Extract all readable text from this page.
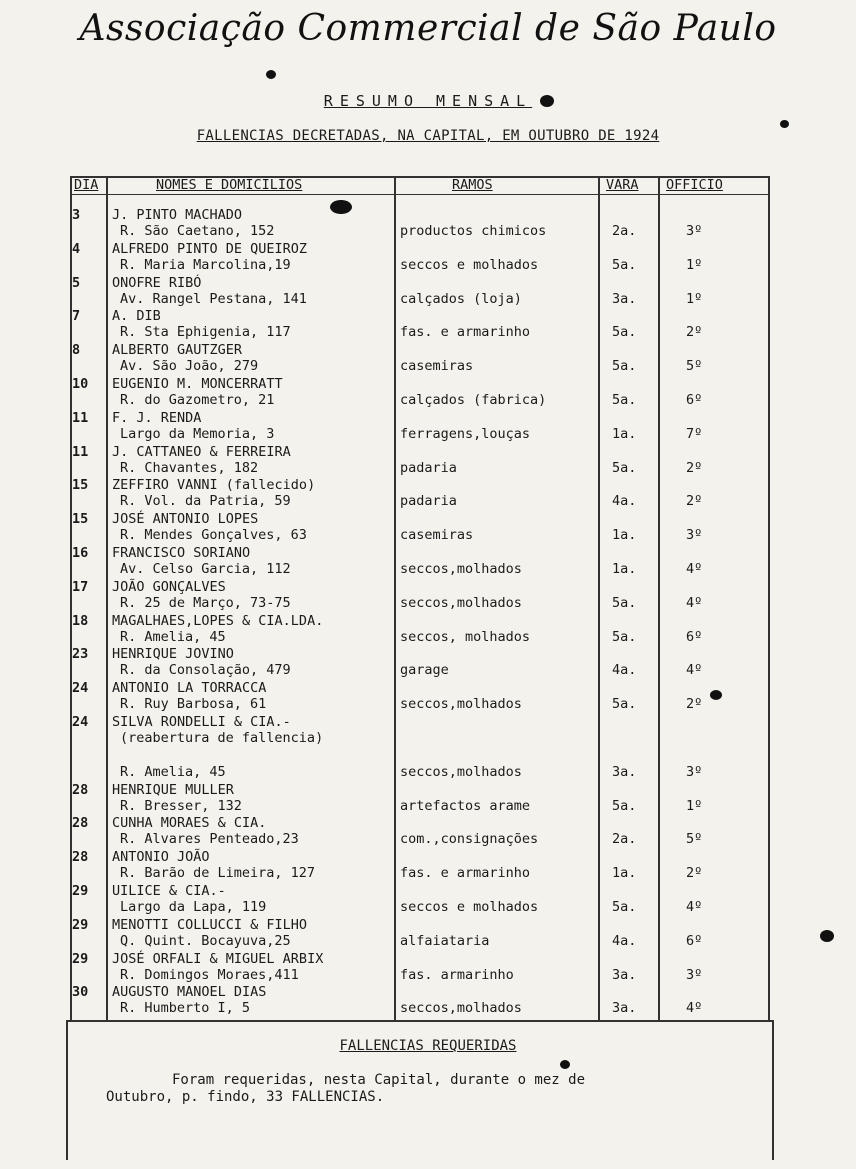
Associação Commercial de São Paulo
RESUMO MENSAL
FALLENCIAS DECRETADAS, NA CAPITAL, EM OUTUBRO DE 1924
DIA	NOMES E DOMICILIOS	RAMOS	VARA OFFICIO
3	J. PINTO MACHADO
R. São Caetano, 152	productos chimicos	2a.	3º
4	ALFREDO PINTO DE QUEIROZ
R. Maria Marcolina,19	seccos e molhados	5a.	1º
5	ONOFRE RIBÓ
Av. Rangel Pestana, 141	calçados (loja)	3a.	1º
7	A. DIB
R. Sta Ephigenia, 117	fas. e armarinho	5a.	2º
8	ALBERTO GAUTZGER
Av. São João, 279	casemiras	5a.	5º
10	EUGENIO M. MONCERRATT
R. do Gazometro, 21	calçados (fabrica)	5a.	6º
11	F. J. RENDA
Largo da Memoria, 3	ferragens,louças	1a.	7º
11	J. CATTANEO & FERREIRA
R. Chavantes, 182	padaria	5a.	2º
15	ZEFFIRO VANNI (fallecido)
R. Vol. da Patria, 59	padaria	4a.	2º
15	JOSÉ ANTONIO LOPES
R. Mendes Gonçalves, 63	casemiras	1a.	3º
16	FRANCISCO SORIANO
Av. Celso Garcia, 112	seccos,molhados	1a.	4º
17	JOÃO GONÇALVES
R. 25 de Março, 73-75	seccos,molhados	5a.	4º
18	MAGALHAES,LOPES & CIA.LDA.
R. Amelia, 45	seccos, molhados	5a.	6º
23	HENRIQUE JOVINO
R. da Consolação, 479	garage	4a.	4º
24	ANTONIO LA TORRACCA
R. Ruy Barbosa, 61	seccos,molhados	5a.	2º
24	SILVA RONDELLI & CIA.-
(reabertura de fallencia)
R. Amelia, 45	seccos,molhados	3a.	3º
28	HENRIQUE MULLER
R. Bresser, 132	artefactos arame	5a.	1º
28	CUNHA MORAES & CIA.
R. Alvares Penteado,23	com.,consignações	2a.	5º
28	ANTONIO JOÃO
R. Barão de Limeira, 127	fas. e armarinho	1a.	2º
29	UILICE & CIA.-
Largo da Lapa, 119	seccos e molhados	5a.	4º
29	MENOTTI COLLUCCI & FILHO
Q. Quint. Bocayuva,25	alfaiataria	4a.	6º
29	JOSÉ ORFALI & MIGUEL ARBIX
R. Domingos Moraes,411	fas. armarinho	3a.	3º
30	AUGUSTO MANOEL DIAS
R. Humberto I, 5	seccos,molhados	3a.	4º
FALLENCIAS REQUERIDAS
Foram requeridas, nesta Capital, durante o mez de
Outubro, p. findo, 33 FALLENCIAS.
